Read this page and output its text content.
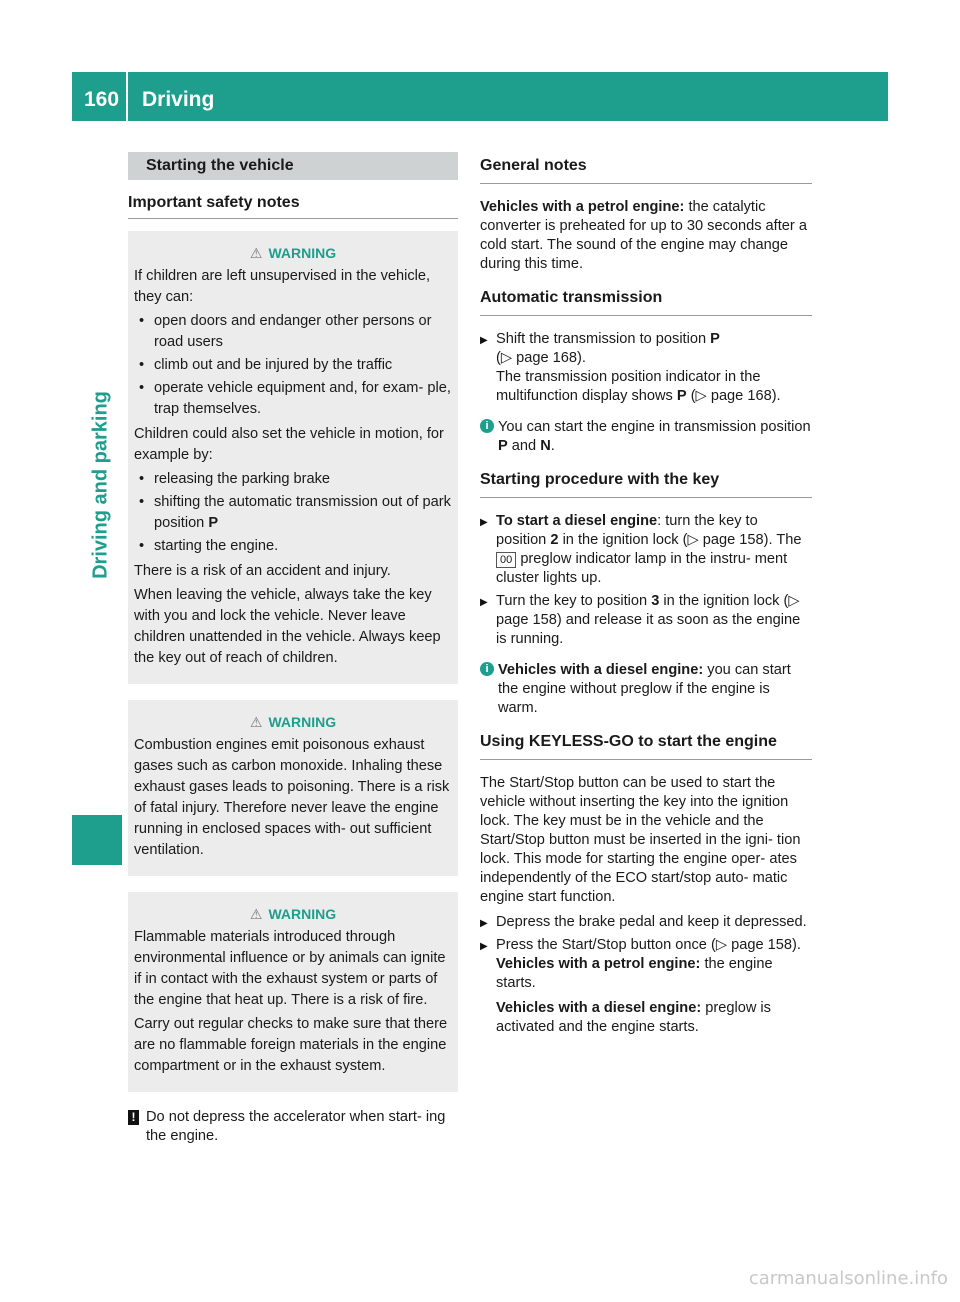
160 Driving
Driving and parking
Starting the vehicle
Important safety notes
⚠ WARNING

If children are left unsupervised in the vehicle, they can:

• open doors and endanger other persons or road users
• climb out and be injured by the traffic
• operate vehicle equipment and, for exam- ple, trap themselves.

Children could also set the vehicle in motion, for example by:

• releasing the parking brake
• shifting the automatic transmission out of park position P
• starting the engine.

There is a risk of an accident and injury.

When leaving the vehicle, always take the key with you and lock the vehicle. Never leave children unattended in the vehicle. Always keep the key out of reach of children.

⚠ WARNING

Combustion engines emit poisonous exhaust gases such as carbon monoxide. Inhaling these exhaust gases leads to poisoning. There is a risk of fatal injury. Therefore never leave the engine running in enclosed spaces with- out sufficient ventilation.

⚠ WARNING

Flammable materials introduced through environmental influence or by animals can ignite if in contact with the exhaust system or parts of the engine that heat up. There is a risk of fire.

Carry out regular checks to make sure that there are no flammable foreign materials in the engine compartment or in the exhaust system.

! Do not depress the accelerator when start- ing the engine.
General notes
Vehicles with a petrol engine: the catalytic converter is preheated for up to 30 seconds after a cold start. The sound of the engine may change during this time.
Automatic transmission
▶ Shift the transmission to position P
(▷ page 168).
The transmission position indicator in the multifunction display shows P (▷ page 168).
i You can start the engine in transmission position P and N.
Starting procedure with the key
▶ To start a diesel engine: turn the key to position 2 in the ignition lock (▷ page 158). The 00 preglow indicator lamp in the instru- ment cluster lights up.
▶ Turn the key to position 3 in the ignition lock (▷ page 158) and release it as soon as the engine is running.
i Vehicles with a diesel engine: you can start the engine without preglow if the engine is warm.
Using KEYLESS-GO to start the engine
The Start/Stop button can be used to start the vehicle without inserting the key into the ignition lock. The key must be in the vehicle and the Start/Stop button must be inserted in the igni- tion lock. This mode for starting the engine oper- ates independently of the ECO start/stop auto- matic engine start function.
▶ Depress the brake pedal and keep it depressed.
▶ Press the Start/Stop button once (▷ page 158).
Vehicles with a petrol engine: the engine starts.
Vehicles with a diesel engine: preglow is activated and the engine starts.
carmanualsonline.info
